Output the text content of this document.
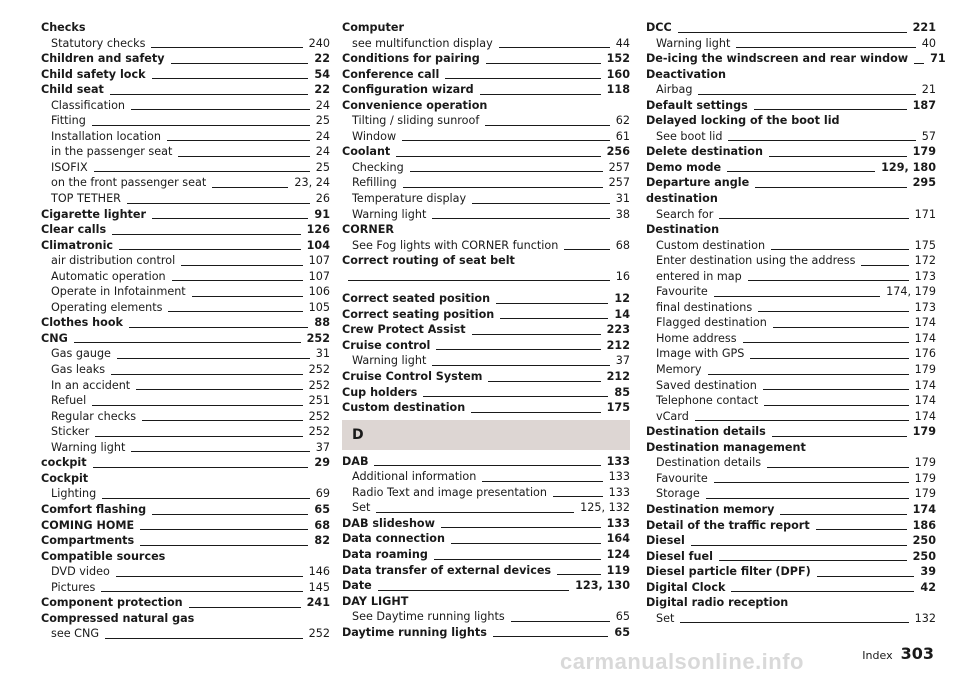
Checks
Statutory checks	240
Children and safety	22
Child safety lock	54
Child seat	22
Classification	24
Fitting	25
Installation location	24
in the passenger seat	24
ISOFIX	25
on the front passenger seat	23, 24
TOP TETHER	26
Cigarette lighter	91
Clear calls	126
Climatronic	104
air distribution control	107
Automatic operation	107
Operate in Infotainment	106
Operating elements	105
Clothes hook	88
CNG	252
Gas gauge	31
Gas leaks	252
In an accident	252
Refuel	251
Regular checks	252
Sticker	252
Warning light	37
cockpit	29
Cockpit
Lighting	69
Comfort flashing	65
COMING HOME	68
Compartments	82
Compatible sources
DVD video	146
Pictures	145
Component protection	241
Compressed natural gas
see CNG	252
Computer
see multifunction display	44
Conditions for pairing	152
Conference call	160
Configuration wizard	118
Convenience operation
Tilting / sliding sunroof	62
Window	61
Coolant	256
Checking	257
Refilling	257
Temperature display	31
Warning light	38
CORNER
See Fog lights with CORNER function	68
Correct routing of seat belt
16
Correct seated position	12
Correct seating position	14
Crew Protect Assist	223
Cruise control	212
Warning light	37
Cruise Control System	212
Cup holders	85
Custom destination	175
D
DAB	133
Additional information	133
Radio Text and image presentation	133
Set	125, 132
DAB slideshow	133
Data connection	164
Data roaming	124
Data transfer of external devices	119
Date	123, 130
DAY LIGHT
See Daytime running lights	65
Daytime running lights	65
DCC	221
Warning light	40
De-icing the windscreen and rear window 71
Deactivation
Airbag	21
Default settings	187
Delayed locking of the boot lid
See boot lid	57
Delete destination	179
Demo mode	129, 180
Departure angle	295
destination
Search for	171
Destination
Custom destination	175
Enter destination using the address	172
entered in map	173
Favourite	174, 179
final destinations	173
Flagged destination	174
Home address	174
Image with GPS	176
Memory	179
Saved destination	174
Telephone contact	174
vCard	174
Destination details	179
Destination management
Destination details	179
Favourite	179
Storage	179
Destination memory	174
Detail of the traffic report	186
Diesel	250
Diesel fuel	250
Diesel particle filter (DPF)	39
Digital Clock	42
Digital radio reception
Set	132
Index 303
carmanualsonline.info
